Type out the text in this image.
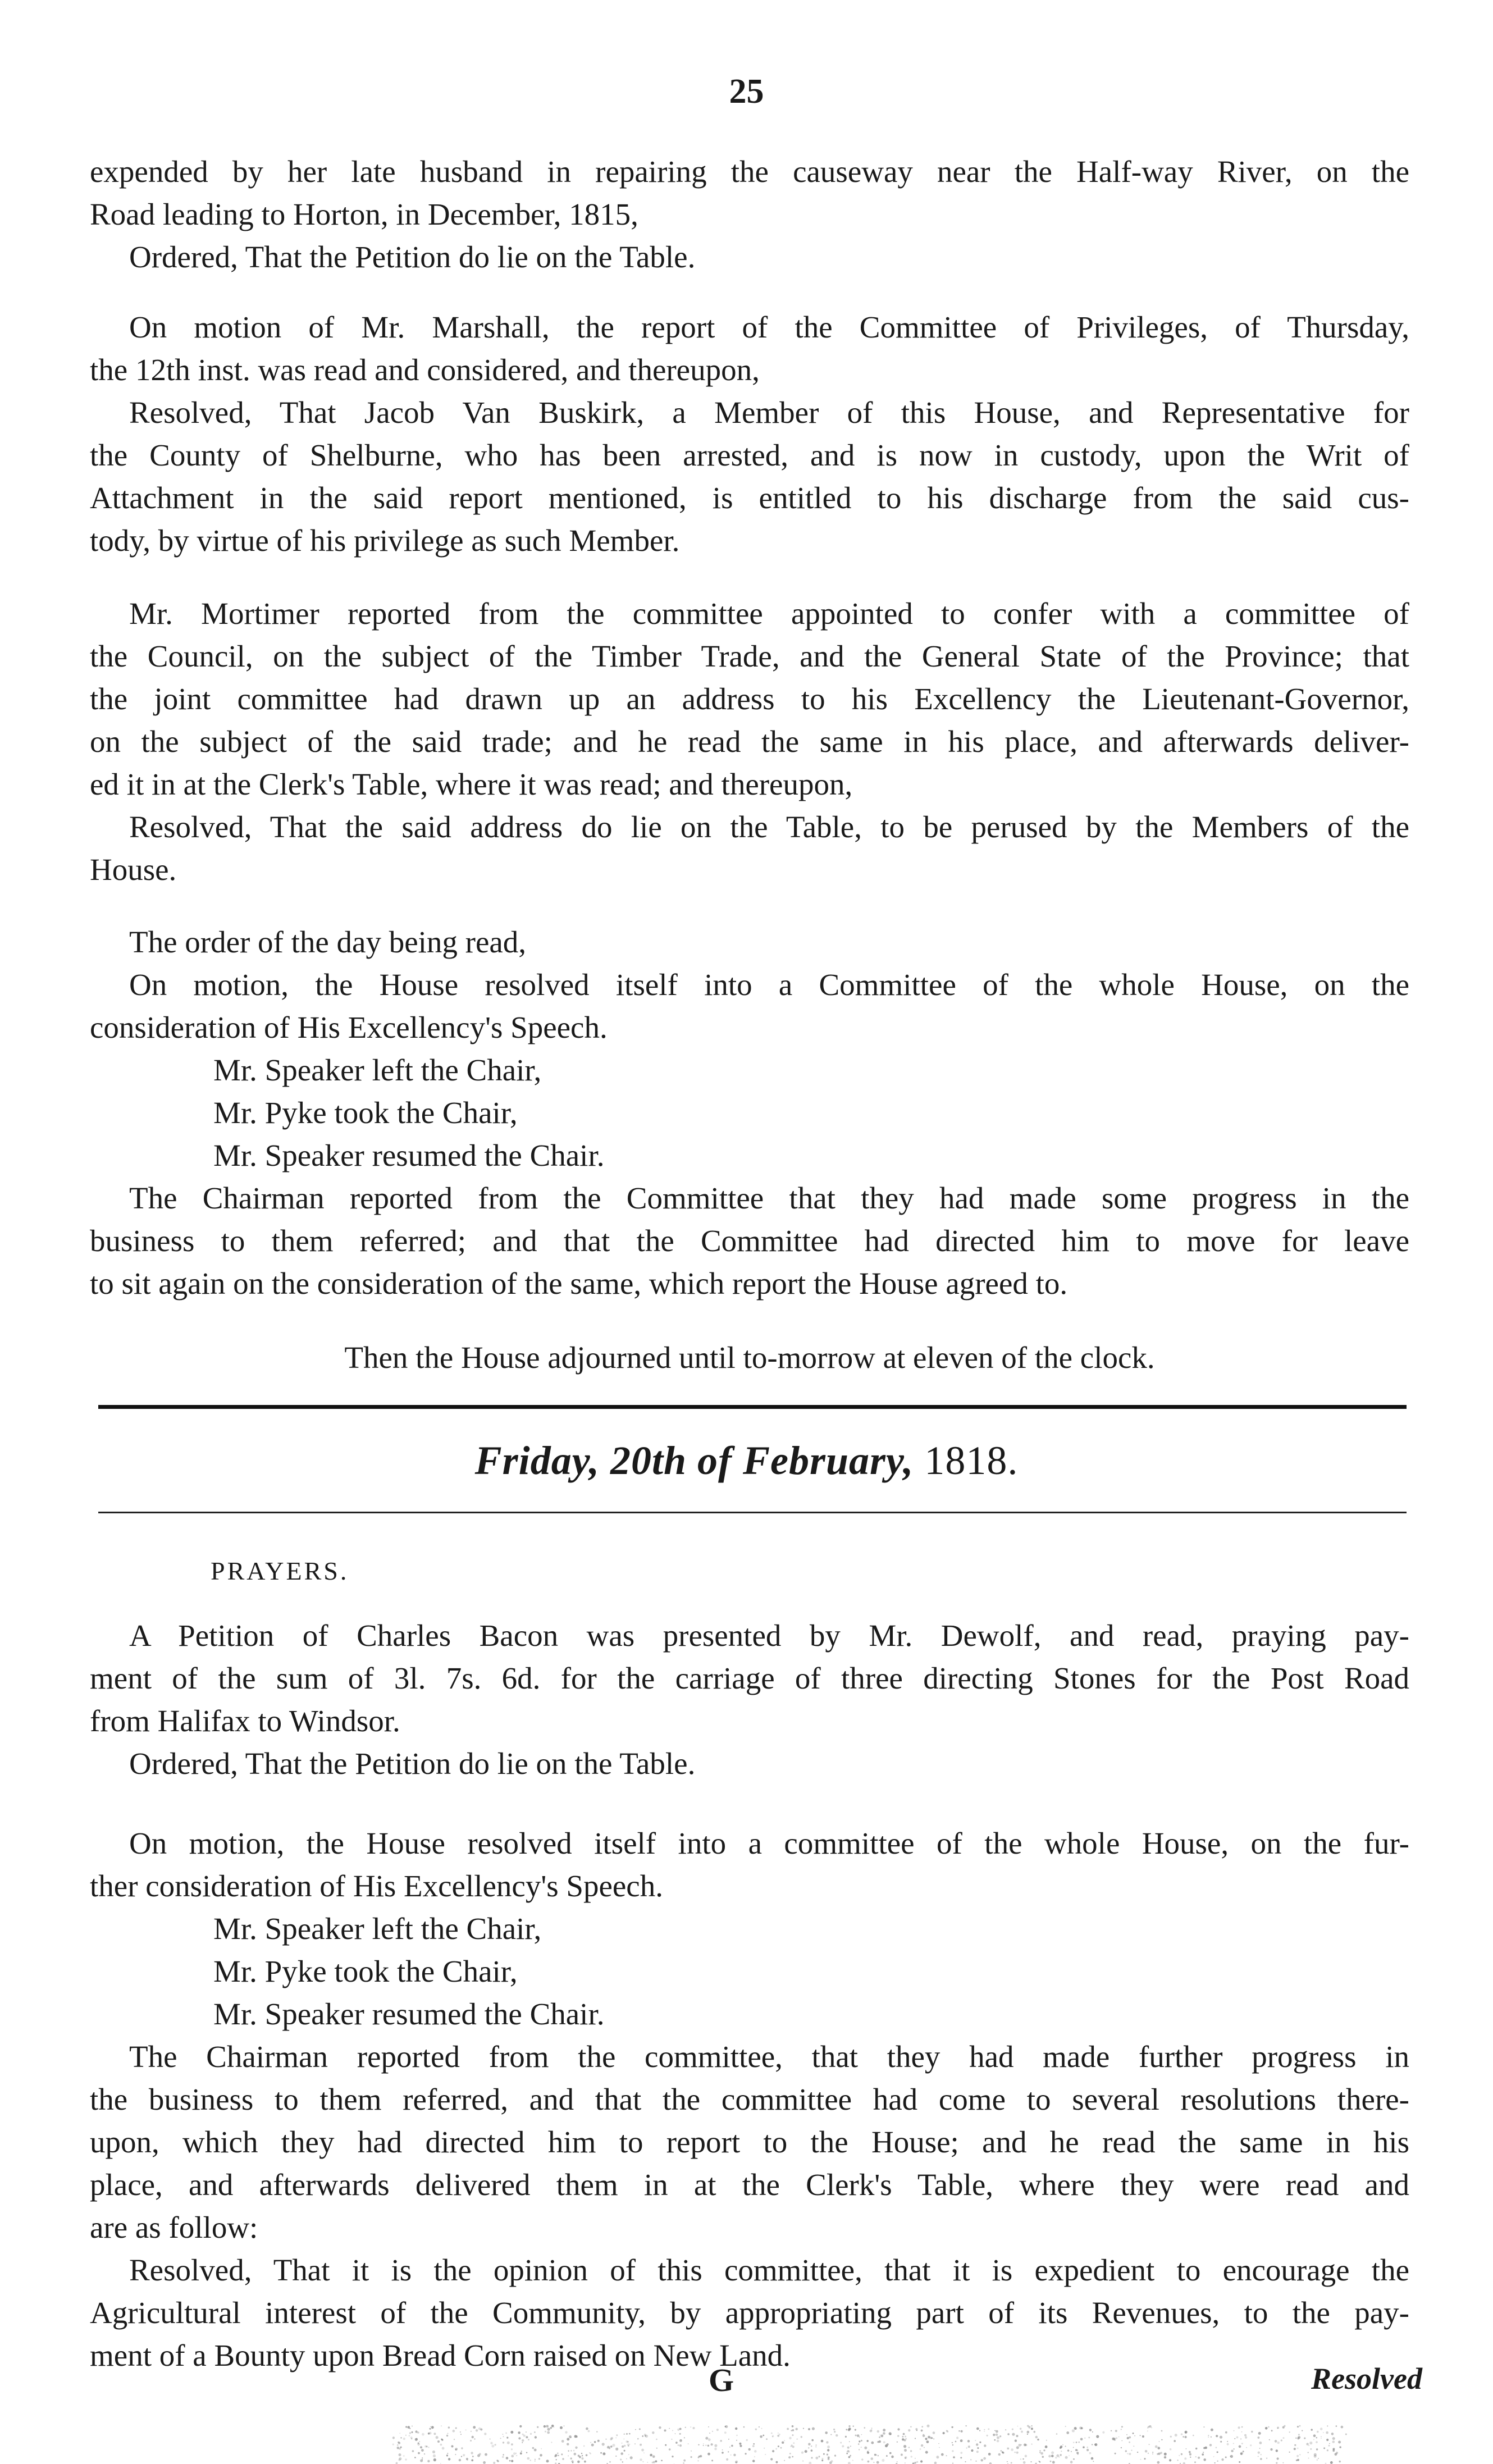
25
expended by her late husband in repairing the causeway near the Half-way River, on the
Road leading to Horton, in December, 1815,
Ordered, That the Petition do lie on the Table.
On motion of Mr. Marshall, the report of the Committee of Privileges, of Thursday,
the 12th inst. was read and considered, and thereupon,
Resolved, That Jacob Van Buskirk, a Member of this House, and Representative for
the County of Shelburne, who has been arrested, and is now in custody, upon the Writ of
Attachment in the said report mentioned, is entitled to his discharge from the said cus-
tody, by virtue of his privilege as such Member.
Mr. Mortimer reported from the committee appointed to confer with a committee of
the Council, on the subject of the Timber Trade, and the General State of the Province; that
the joint committee had drawn up an address to his Excellency the Lieutenant-Governor,
on the subject of the said trade; and he read the same in his place, and afterwards deliver-
ed it in at the Clerk's Table, where it was read; and thereupon,
Resolved, That the said address do lie on the Table, to be perused by the Members of the
House.
The order of the day being read,
On motion, the House resolved itself into a Committee of the whole House, on the
consideration of His Excellency's Speech.
Mr. Speaker left the Chair,
Mr. Pyke took the Chair,
Mr. Speaker resumed the Chair.
The Chairman reported from the Committee that they had made some progress in the
business to them referred; and that the Committee had directed him to move for leave
to sit again on the consideration of the same, which report the House agreed to.
Then the House adjourned until to-morrow at eleven of the clock.
Friday, 20th of February, 1818.
PRAYERS.
A Petition of Charles Bacon was presented by Mr. Dewolf, and read, praying pay-
ment of the sum of 3l. 7s. 6d. for the carriage of three directing Stones for the Post Road
from Halifax to Windsor.
Ordered, That the Petition do lie on the Table.
On motion, the House resolved itself into a committee of the whole House, on the fur-
ther consideration of His Excellency's Speech.
Mr. Speaker left the Chair,
Mr. Pyke took the Chair,
Mr. Speaker resumed the Chair.
The Chairman reported from the committee, that they had made further progress in
the business to them referred, and that the committee had come to several resolutions there-
upon, which they had directed him to report to the House; and he read the same in his
place, and afterwards delivered them in at the Clerk's Table, where they were read and
are as follow:
Resolved, That it is the opinion of this committee, that it is expedient to encourage the
Agricultural interest of the Community, by appropriating part of its Revenues, to the pay-
ment of a Bounty upon Bread Corn raised on New Land.
G	Resolved
